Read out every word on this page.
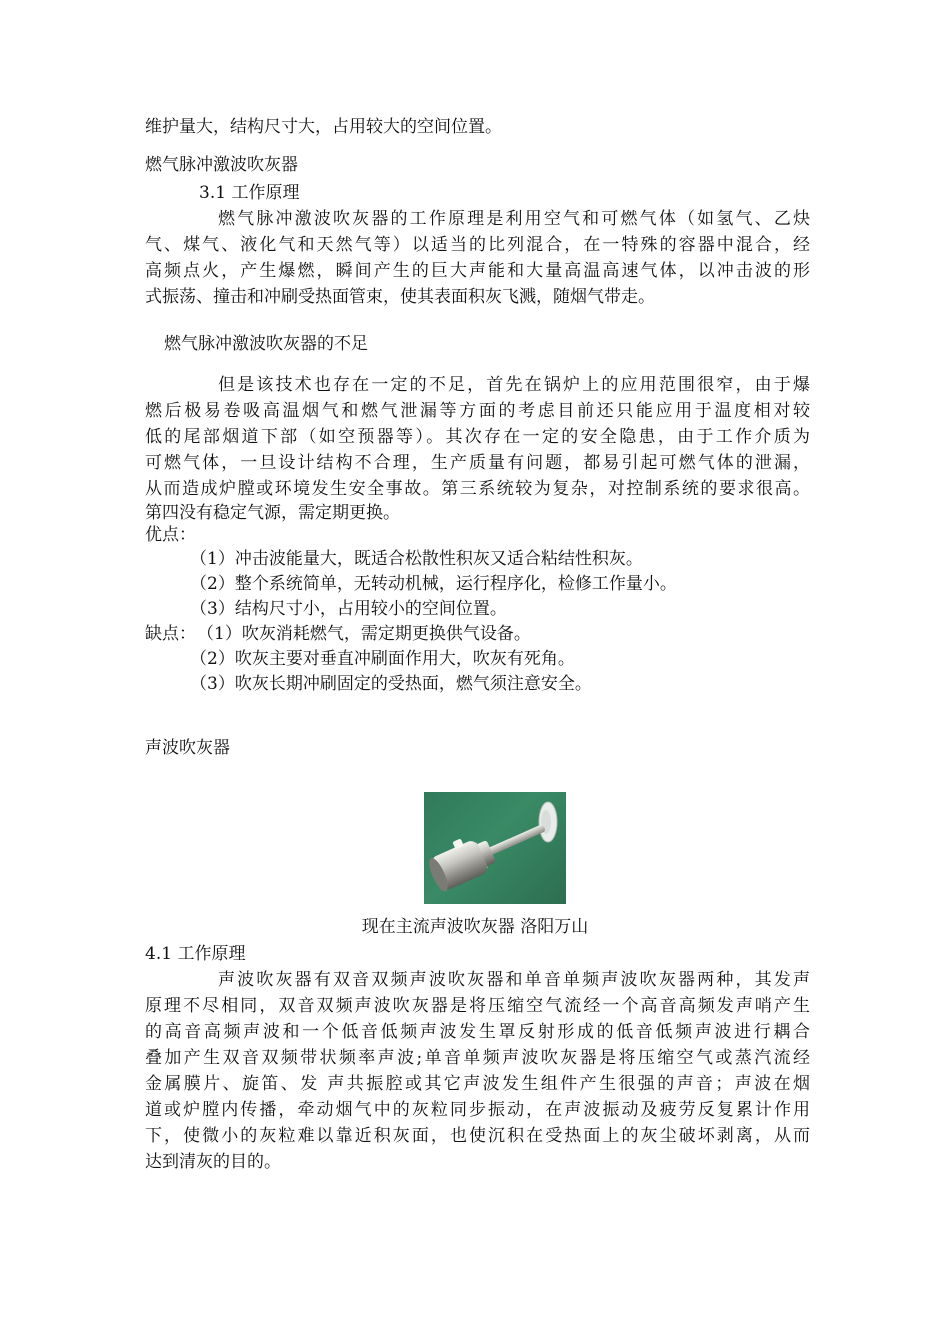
维护量大，结构尺寸大，占用较大的空间位置。
燃气脉冲激波吹灰器
3.1 工作原理
燃气脉冲激波吹灰器的工作原理是利用空气和可燃气体（如氢气、乙炔
气、煤气、液化气和天然气等）以适当的比列混合，在一特殊的容器中混合，经
高频点火，产生爆燃，瞬间产生的巨大声能和大量高温高速气体，以冲击波的形
式振荡、撞击和冲刷受热面管束，使其表面积灰飞溅，随烟气带走。
燃气脉冲激波吹灰器的不足
但是该技术也存在一定的不足，首先在锅炉上的应用范围很窄，由于爆
燃后极易卷吸高温烟气和燃气泄漏等方面的考虑目前还只能应用于温度相对较
低的尾部烟道下部（如空预器等）。其次存在一定的安全隐患，由于工作介质为
可燃气体，一旦设计结构不合理，生产质量有问题，都易引起可燃气体的泄漏，
从而造成炉膛或环境发生安全事故。第三系统较为复杂，对控制系统的要求很高。
第四没有稳定气源，需定期更换。
优点：
（1）冲击波能量大，既适合松散性积灰又适合粘结性积灰。
（2）整个系统简单，无转动机械，运行程序化，检修工作量小。
（3）结构尺寸小，占用较小的空间位置。
缺点： （1）吹灰消耗燃气，需定期更换供气设备。
（2）吹灰主要对垂直冲刷面作用大，吹灰有死角。
（3）吹灰长期冲刷固定的受热面，燃气须注意安全。
声波吹灰器
现在主流声波吹灰器 洛阳万山
4.1 工作原理
声波吹灰器有双音双频声波吹灰器和单音单频声波吹灰器两种，其发声
原理不尽相同，双音双频声波吹灰器是将压缩空气流经一个高音高频发声哨产生
的高音高频声波和一个低音低频声波发生罩反射形成的低音低频声波进行耦合
叠加产生双音双频带状频率声波;单音单频声波吹灰器是将压缩空气或蒸汽流经
金属膜片、旋笛、发 声共振腔或其它声波发生组件产生很强的声音；声波在烟
道或炉膛内传播，牵动烟气中的灰粒同步振动，在声波振动及疲劳反复累计作用
下，使微小的灰粒难以靠近积灰面，也使沉积在受热面上的灰尘破坏剥离，从而
达到清灰的目的。
